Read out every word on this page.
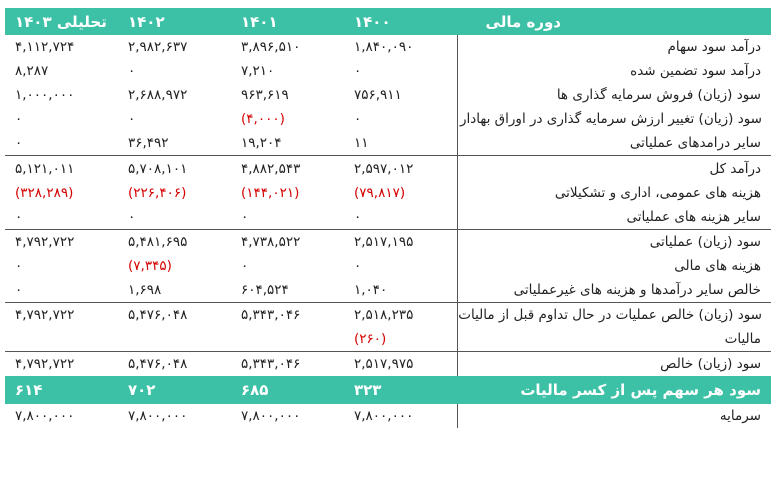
دوره مالی	۱۴۰۰	۱۴۰۱	۱۴۰۲	تحلیلی ۱۴۰۳
درآمد سود سهام	۱,۸۴۰,۰۹۰	۳,۸۹۶,۵۱۰	۲,۹۸۲,۶۳۷	۴,۱۱۲,۷۲۴
درآمد سود تضمین شده	۰	۷,۲۱۰	۰	۸,۲۸۷
سود (زیان) فروش سرمایه گذاری ها	۷۵۶,۹۱۱	۹۶۳,۶۱۹	۲,۶۸۸,۹۷۲	۱,۰۰۰,۰۰۰
سود (زیان) تغییر ارزش سرمایه گذاری در اوراق بهادار	۰	(۴,۰۰۰)	۰	۰
سایر درامدهای عملیاتی	۱۱	۱۹,۲۰۴	۳۶,۴۹۲	۰
درآمد کل	۲,۵۹۷,۰۱۲	۴,۸۸۲,۵۴۳	۵,۷۰۸,۱۰۱	۵,۱۲۱,۰۱۱
هزینه های عمومی، اداری و تشکیلاتی	(۷۹,۸۱۷)	(۱۴۴,۰۲۱)	(۲۲۶,۴۰۶)	(۳۲۸,۲۸۹)
سایر هزینه های عملیاتی	۰	۰	۰	۰
سود (زیان) عملیاتی	۲,۵۱۷,۱۹۵	۴,۷۳۸,۵۲۲	۵,۴۸۱,۶۹۵	۴,۷۹۲,۷۲۲
هزینه های مالی	۰	۰	(۷,۳۴۵)	۰
خالص سایر درآمدها و هزینه های غیرعملیاتی	۱,۰۴۰	۶۰۴,۵۲۴	۱,۶۹۸	۰
سود (زیان) خالص عملیات در حال تداوم قبل از مالیات	۲,۵۱۸,۲۳۵	۵,۳۴۳,۰۴۶	۵,۴۷۶,۰۴۸	۴,۷۹۲,۷۲۲
مالیات	(۲۶۰)			
سود (زیان) خالص	۲,۵۱۷,۹۷۵	۵,۳۴۳,۰۴۶	۵,۴۷۶,۰۴۸	۴,۷۹۲,۷۲۲
سود هر سهم پس از کسر مالیات	۳۲۳	۶۸۵	۷۰۲	۶۱۴
سرمایه	۷,۸۰۰,۰۰۰	۷,۸۰۰,۰۰۰	۷,۸۰۰,۰۰۰	۷,۸۰۰,۰۰۰
